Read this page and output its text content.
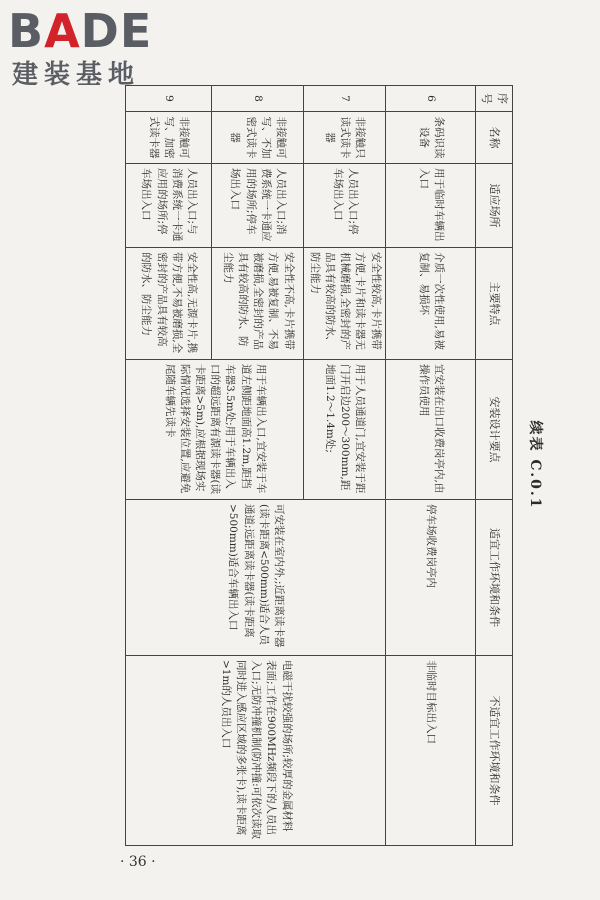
BADE
建装基地
续表 C.0.1
序号	名称	适应场所	主要特点	安装设计要点	适宜工作环境和条件	不适宜工作环境和条件
6	条码识读设备	用于临时车辆出入口	介质一次性使用,易被复制、易损坏	宜安装在出口收费岗亭内,由操作员使用	停车场收费岗亭内	非临时目标出入口
7	非接触只读式读卡器	人员出入口;停车场出入口	安全性较高,卡片携带方便,卡片和读卡器无机械磨损,全密封的产品具有较高的防水、防尘能力	用于人员通道门,宜安装于距门开启边200～300mm,距地面1.2～1.4m处;	可安装在室内外,;近距离读卡器(读卡距离<500mm)适合人员通道;远距离读卡器(读卡距离>500mm)适合车辆出入口	电磁干扰较强的场所;较厚的金属材料表面;工作在900MHz频段下的人员出入口;无防冲撞机制(防冲撞:可依次读取同时进入感应区域的多张卡),读卡距离>1m的人员出入口
8	非接触可写、不加密式读卡器	人员出入口;消费系统一卡通应用的场所;停车场出入口	安全性不高,卡片携带方便,易被复制、不易被磨损,全密封的产品具有较高的防水、防尘能力	用于车辆出入口,宜安装于车道左侧距地面高1.2m,距挡车器3.5m处;用于车辆出入口的超远距离有源读卡器(读卡距离>5m),应根据现场实际情况选择安装位置,应避免尾随车辆先读卡		
9	非接触可写、加密式读卡器	人员出入口;与消费系统一卡通应用的场所;停车场出入口	安全性高,无源卡片,携带方便,不易被磨损,全密封的产品具有较高的防水、防尘能力			
· 36 ·
